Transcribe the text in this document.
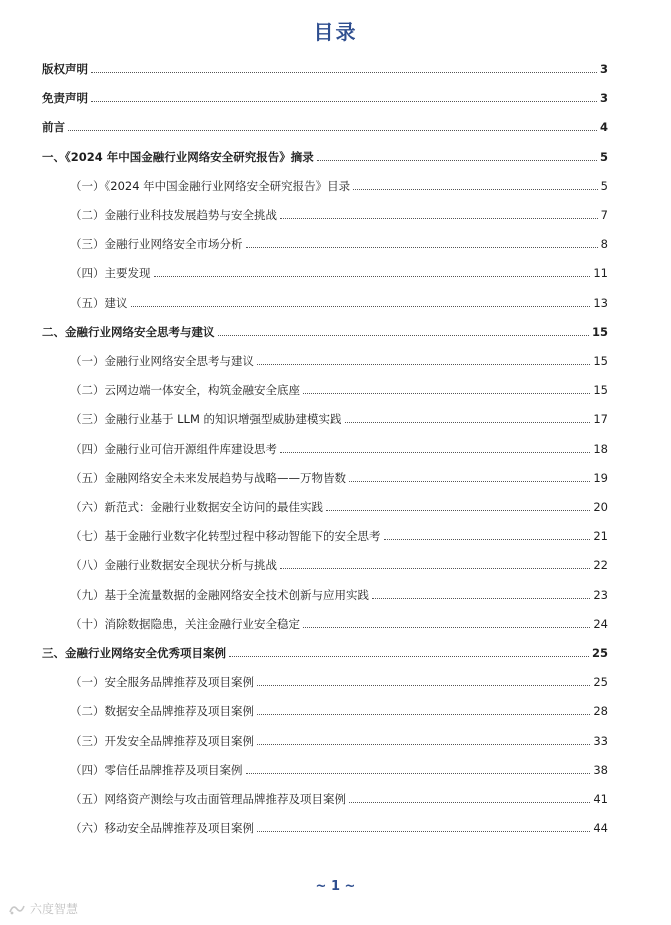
目录
版权声明	3
免责声明	3
前言	4
一、《2024 年中国金融行业网络安全研究报告》摘录	5
（一）《2024 年中国金融行业网络安全研究报告》目录	5
（二）金融行业科技发展趋势与安全挑战	7
（三）金融行业网络安全市场分析	8
（四）主要发现	11
（五）建议	13
二、金融行业网络安全思考与建议	15
（一）金融行业网络安全思考与建议	15
（二）云网边端一体安全，构筑金融安全底座	15
（三）金融行业基于 LLM 的知识增强型威胁建模实践	17
（四）金融行业可信开源组件库建设思考	18
（五）金融网络安全未来发展趋势与战略——万物皆数	19
（六）新范式：金融行业数据安全访问的最佳实践	20
（七）基于金融行业数字化转型过程中移动智能下的安全思考	21
（八）金融行业数据安全现状分析与挑战	22
（九）基于全流量数据的金融网络安全技术创新与应用实践	23
（十）消除数据隐患，关注金融行业安全稳定	24
三、金融行业网络安全优秀项目案例	25
（一）安全服务品牌推荐及项目案例	25
（二）数据安全品牌推荐及项目案例	28
（三）开发安全品牌推荐及项目案例	33
（四）零信任品牌推荐及项目案例	38
（五）网络资产测绘与攻击面管理品牌推荐及项目案例	41
（六）移动安全品牌推荐及项目案例	44
~ 1 ~
六度智慧
